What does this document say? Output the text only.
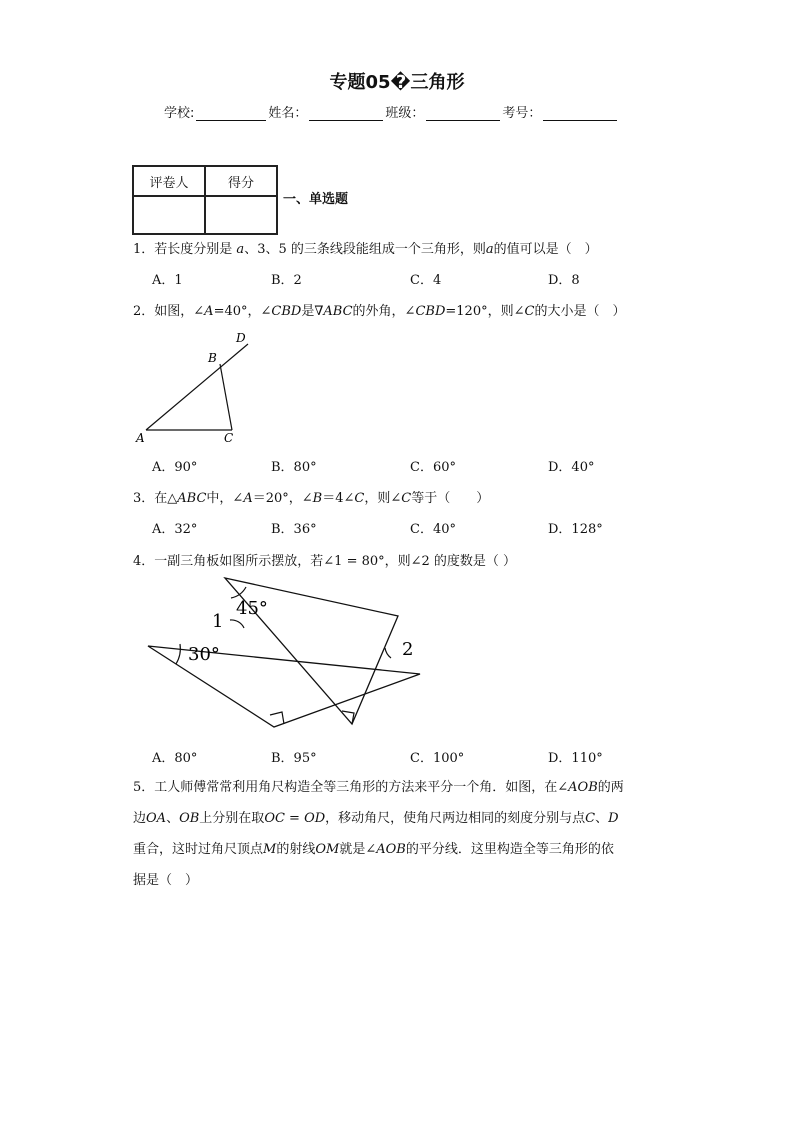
专题05�三角形
学校:	姓名：	班级：	考号：
评卷人	得分

一、单选题
1．若长度分别是 a、3、5 的三条线段能组成一个三角形，则a的值可以是（　）
A．1	B．2	C．4	D．8
2．如图，∠A=40°，∠CBD是∇ABC的外角，∠CBD=120°，则∠C的大小是（　）
A
B
C
D
A．90°	B．80°	C．60°	D．40°
3．在△ABC中，∠A＝20°，∠B＝4∠C，则∠C等于（　　）
A．32°	B．36°	C．40°	D．128°
4．一副三角板如图所示摆放，若∠1 = 80°，则∠2 的度数是（ ）
45°
30°
1
2
A．80°	B．95°	C．100°	D．110°
5．工人师傅常常利用角尺构造全等三角形的方法来平分一个角．如图，在∠AOB的两
边OA、OB上分别在取OC = OD，移动角尺，使角尺两边相同的刻度分别与点C、D
重合，这时过角尺顶点M的射线OM就是∠AOB的平分线．这里构造全等三角形的依
据是（　）
